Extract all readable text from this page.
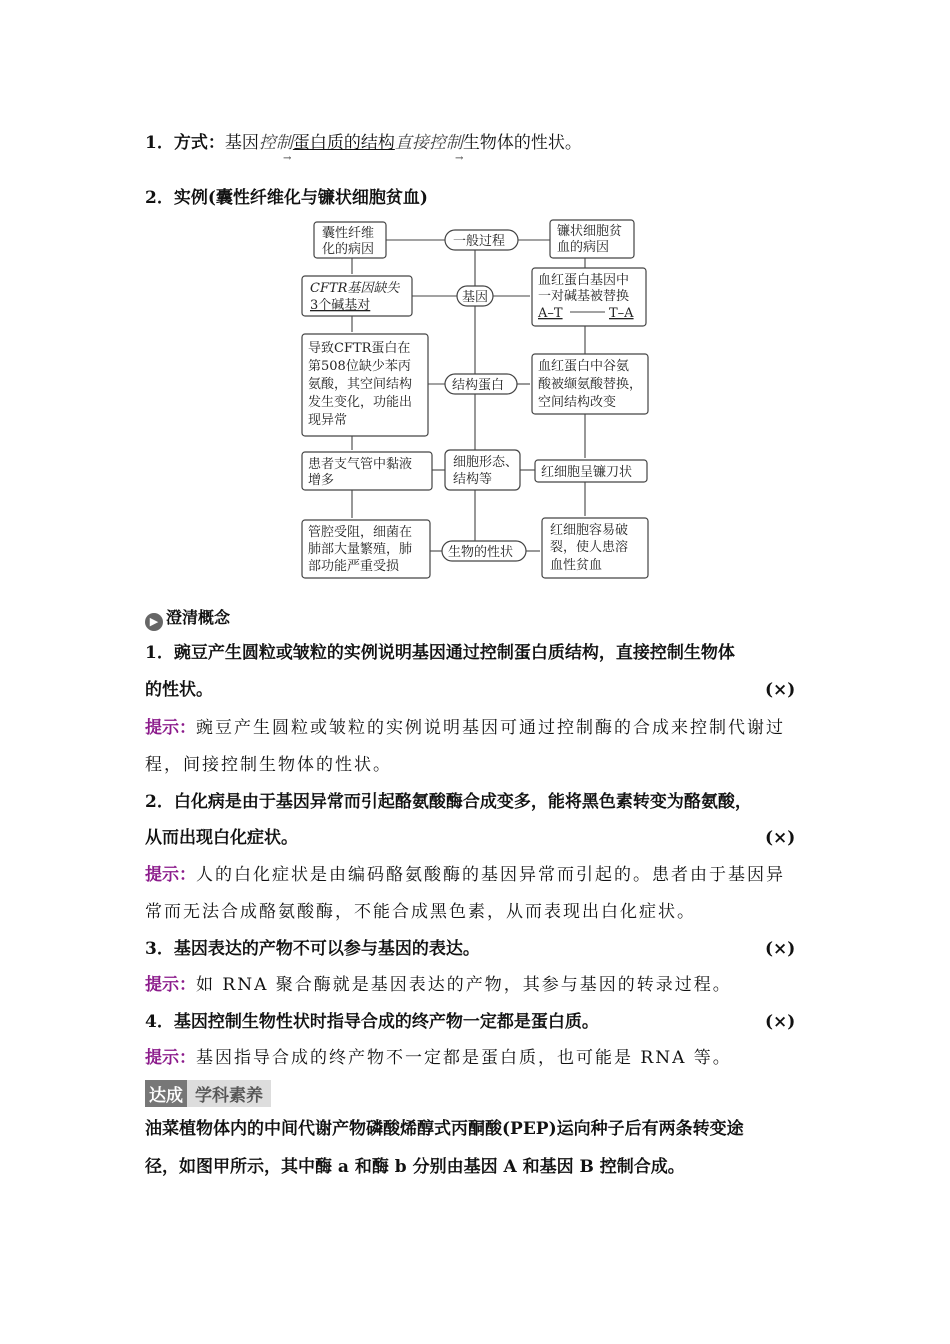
1．方式：基因控制蛋白质的结构直接控制生物体的性状。
→	→
2．实例(囊性纤维化与镰状细胞贫血)
囊性纤维
化的病因
CFTR基因缺失
3个碱基对
导致CFTR蛋白在
第508位缺少苯丙
氨酸，其空间结构
发生变化，功能出
现异常
患者支气管中黏液
增多
管腔受阻，细菌在
肺部大量繁殖，肺
部功能严重受损
一般过程
基因
结构蛋白
细胞形态、
结构等
生物的性状
镰状细胞贫
血的病因
血红蛋白基因中
一对碱基被替换
A–T	T–A
血红蛋白中谷氨
酸被缬氨酸替换，
空间结构改变
红细胞呈镰刀状
红细胞容易破
裂，使人患溶
血性贫血
▶ 澄清概念
1．豌豆产生圆粒或皱粒的实例说明基因通过控制蛋白质结构，直接控制生物体
的性状。	(×)
提示：豌豆产生圆粒或皱粒的实例说明基因可通过控制酶的合成来控制代谢过
程，间接控制生物体的性状。
2．白化病是由于基因异常而引起酪氨酸酶合成变多，能将黑色素转变为酪氨酸，
从而出现白化症状。	(×)
提示：人的白化症状是由编码酪氨酸酶的基因异常而引起的。患者由于基因异
常而无法合成酪氨酸酶，不能合成黑色素，从而表现出白化症状。
3．基因表达的产物不可以参与基因的表达。	(×)
提示：如 RNA 聚合酶就是基因表达的产物，其参与基因的转录过程。
4．基因控制生物性状时指导合成的终产物一定都是蛋白质。	(×)
提示：基因指导合成的终产物不一定都是蛋白质，也可能是 RNA 等。
达成 学科素养
油菜植物体内的中间代谢产物磷酸烯醇式丙酮酸(PEP)运向种子后有两条转变途
径，如图甲所示，其中酶 a 和酶 b 分别由基因 A 和基因 B 控制合成。
